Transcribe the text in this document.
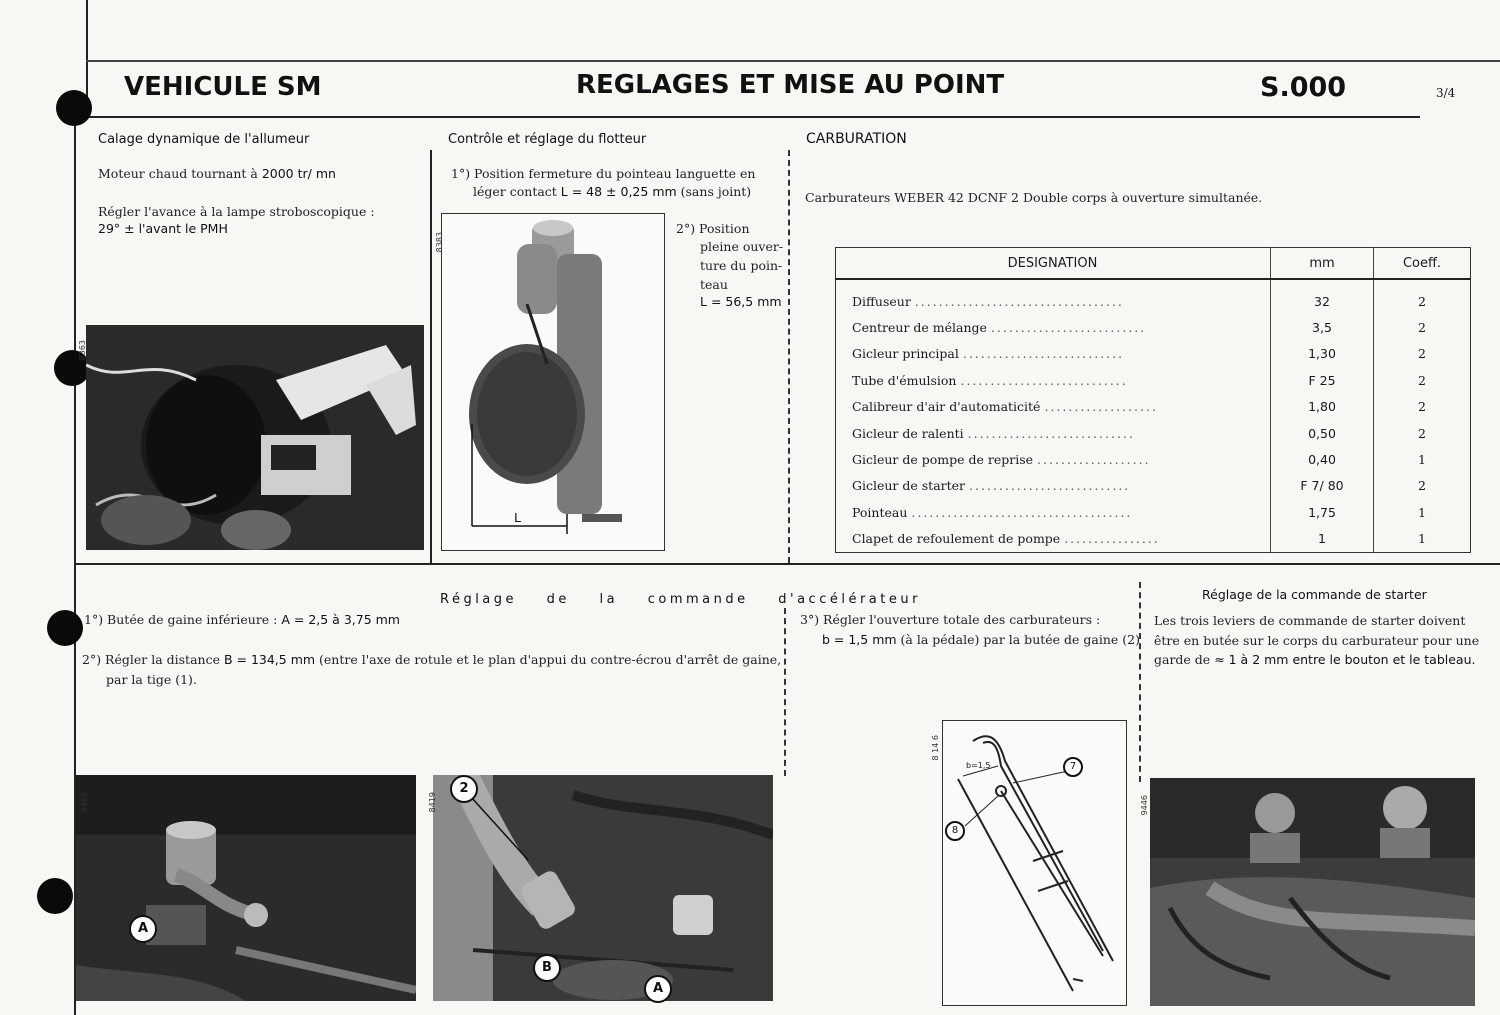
VEHICULE SM	REGLAGES ET MISE AU POINT	S.000	3/4
Calage dynamique de l'allumeur
Moteur chaud tournant à 2000 tr/ mn
Régler l'avance à la lampe stroboscopique :
29° ± l'avant le PMH
8363
Contrôle et réglage du flotteur
1°) Position fermeture du pointeau languette en
léger contact L = 48 ± 0,25 mm (sans joint)
L
8383
2°) Position
pleine ouver-
ture du poin-
teau
L = 56,5 mm
CARBURATION
Carburateurs WEBER 42 DCNF 2 Double corps à ouverture simultanée.
DESIGNATION	mm	Coeff.
Diffuseur ...................................	32	2
Centreur de mélange ..........................	3,5	2
Gicleur principal ...........................	1,30	2
Tube d'émulsion ............................	F 25	2
Calibreur d'air d'automaticité ...................	1,80	2
Gicleur de ralenti ............................	0,50	2
Gicleur de pompe de reprise ...................	0,40	1
Gicleur de starter ...........................	F 7/ 80	2
Pointeau .....................................	1,75	1
Clapet de refoulement de pompe ................	1	1
Réglage de la commande d'accélérateur
1°) Butée de gaine inférieure : A = 2,5 à 3,75 mm
2°) Régler la distance B = 134,5 mm (entre l'axe de rotule et le plan d'appui du contre-écrou d'arrêt de gaine,
par la tige (1).
3°) Régler l'ouverture totale des carburateurs :
b = 1,5 mm (à la pédale) par la butée de gaine (2)
Réglage de la commande de starter
Les trois leviers de commande de starter doivent
être en butée sur le corps du carburateur pour une
garde de ≈ 1 à 2 mm entre le bouton et le tableau.
8465
A
8419
2
B
A
b=1,5
8 14 6
7
8
9446
